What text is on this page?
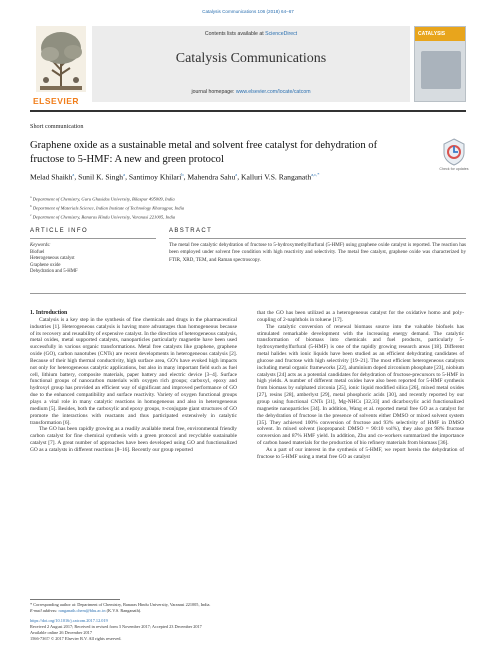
Catalysis Communications 106 (2018) 64–67
ELSEVIER
Contents lists available at ScienceDirect
Catalysis Communications
journal homepage: www.elsevier.com/locate/catcom
CATALYSIS
Short communication
Graphene oxide as a sustainable metal and solvent free catalyst for dehydration of fructose to 5-HMF: A new and green protocol
Check for updates
Melad Shaikh$^a$, Sunil K. Singh$^a$, Santimoy Khilari$^b$, Mahendra Sahu$^a$, Kalluri V.S. Ranganath$^{a,c,*}$
$^a$ Department of Chemistry, Guru Ghasidas University, Bilaspur 495009, India
$^b$ Department of Materials Science, Indian Institute of Technology Kharagpur, India
$^c$ Department of Chemistry, Banaras Hindu University, Varanasi 221005, India
ARTICLE INFO	ABSTRACT
Keywords:
Biofuel
Heterogeneous catalyst
Graphene oxide
Dehydration and 5-HMF
The metal free catalytic dehydration of fructose to 5-hydroxymethylfurfural (5-HMF) using graphene oxide catalyst is reported. The reaction has been employed under solvent free condition with high reactivity and selectivity. The metal free catalyst, graphene oxide was characterized by FTIR, XRD, TEM, and Raman spectroscopy.

1. Introduction

Catalysis is a key step in the synthesis of fine chemicals and drugs in the pharmaceutical industries [1]. Heterogeneous catalysis is having more advantages than homogeneous because of its recovery and reusability of expensive catalyst. In the direction of heterogeneous catalysis, metal oxides, metal supported catalysts, nanoparticles particularly magnetite have been used successfully in various organic transformations. Metal free catalysts like graphene, graphene oxide (GO), carbon nanotubes (CNTs) are recent developments in heterogeneous catalysis [2]. Because of their high thermal conductivity, high surface area, GO's have evoked high impacts not only for heterogeneous catalytic applications, but also in many important field such as fuel cell, lithium battery, composite materials, paper battery and electric device [3–4]. Surface functional groups of nanocarbon materials with oxygen rich groups; carboxyl, epoxy and hydroxyl group has provided an efficient way of significant and improved performance of GO due to the enhanced compatibility and surface reactivity. Variety of oxygen functional groups plays a vital role in many catalytic reactions in homogeneous and also in heterogeneous medium [5]. Besides, both the carboxylic and epoxy groups, π-conjugate giant structures of GO promote the interactions with reactants and thus participated extensively in catalytic transformation [6].

The GO has been rapidly growing as a readily available metal free, environmental friendly carbon catalyst for fine chemical synthesis with a green protocol and recyclable sustainable catalyst [7]. A great number of approaches have been developed using GO and functionalized GO as a catalysts in different reactions [8–16]. Recently our group reported

that the GO has been utilized as a heterogeneous catalyst for the oxidative homo and poly-coupling of 2-naphthols in toluene [17].

The catalytic conversion of renewal biomass source into the valuable biofuels has stimulated remarkable development with the increasing energy demand. The catalytic transformation of biomass into chemicals and fuel products, particularly 5-hydroxymethylfurfural (5-HMF) is one of the rapidly growing research areas [18]. Different metal halides with ionic liquids have been studied as an efficient dehydrating candidates of glucose and fructose with high selectivity [19–21]. The most efficient heterogeneous catalysts including metal organic frameworks [22], aluminium doped zirconium phosphate [23], niobium catalysts [24] acts as a potential candidates for dehydration of fructose-precursors to 5-HMF in high yields. A number of different metal oxides have also been reported for 5-HMF synthesis from biomass by sulphated zirconia [25], ionic liquid modified silica [26], mixed metal oxides [27], resins [28], amberlyst [29], metal phosphoric acids [30], and recently reported by our group using functional CNTs [31], Mg-NHCs [32,33] and dicarboxylic acid functionalized magnetite nanoparticles [34]. In addition, Wang et al. reported metal free GO as a catalyst for the dehydration of fructose in the presence of solvents either DMSO or mixed solvent system [35]. They achieved 100% conversion of fructose and 93% selectivity of HMF in DMSO solvent. In mixed solvent (isopropanol: DMSO = 90:10 vol%), they also got 98% fructose conversion and 87% HMF yield. In addition, Zhu and co-workers summarized the importance of carbon based materials for the production of bio refinery materials from biomass [36].

As a part of our interest in the synthesis of 5-HMF, we report herein the dehydration of fructose to 5-HMF using a metal free GO as catalyst

* Corresponding author at: Department of Chemistry, Banaras Hindu University, Varanasi 221005, India.
E-mail address: ranganath.chem@bhu.ac.in (K.V.S. Ranganath).
https://doi.org/10.1016/j.catcom.2017.12.019
Received 2 August 2017; Received in revised form 3 November 2017; Accepted 23 December 2017
Available online 26 December 2017
1566-7367/ © 2017 Elsevier B.V. All rights reserved.
